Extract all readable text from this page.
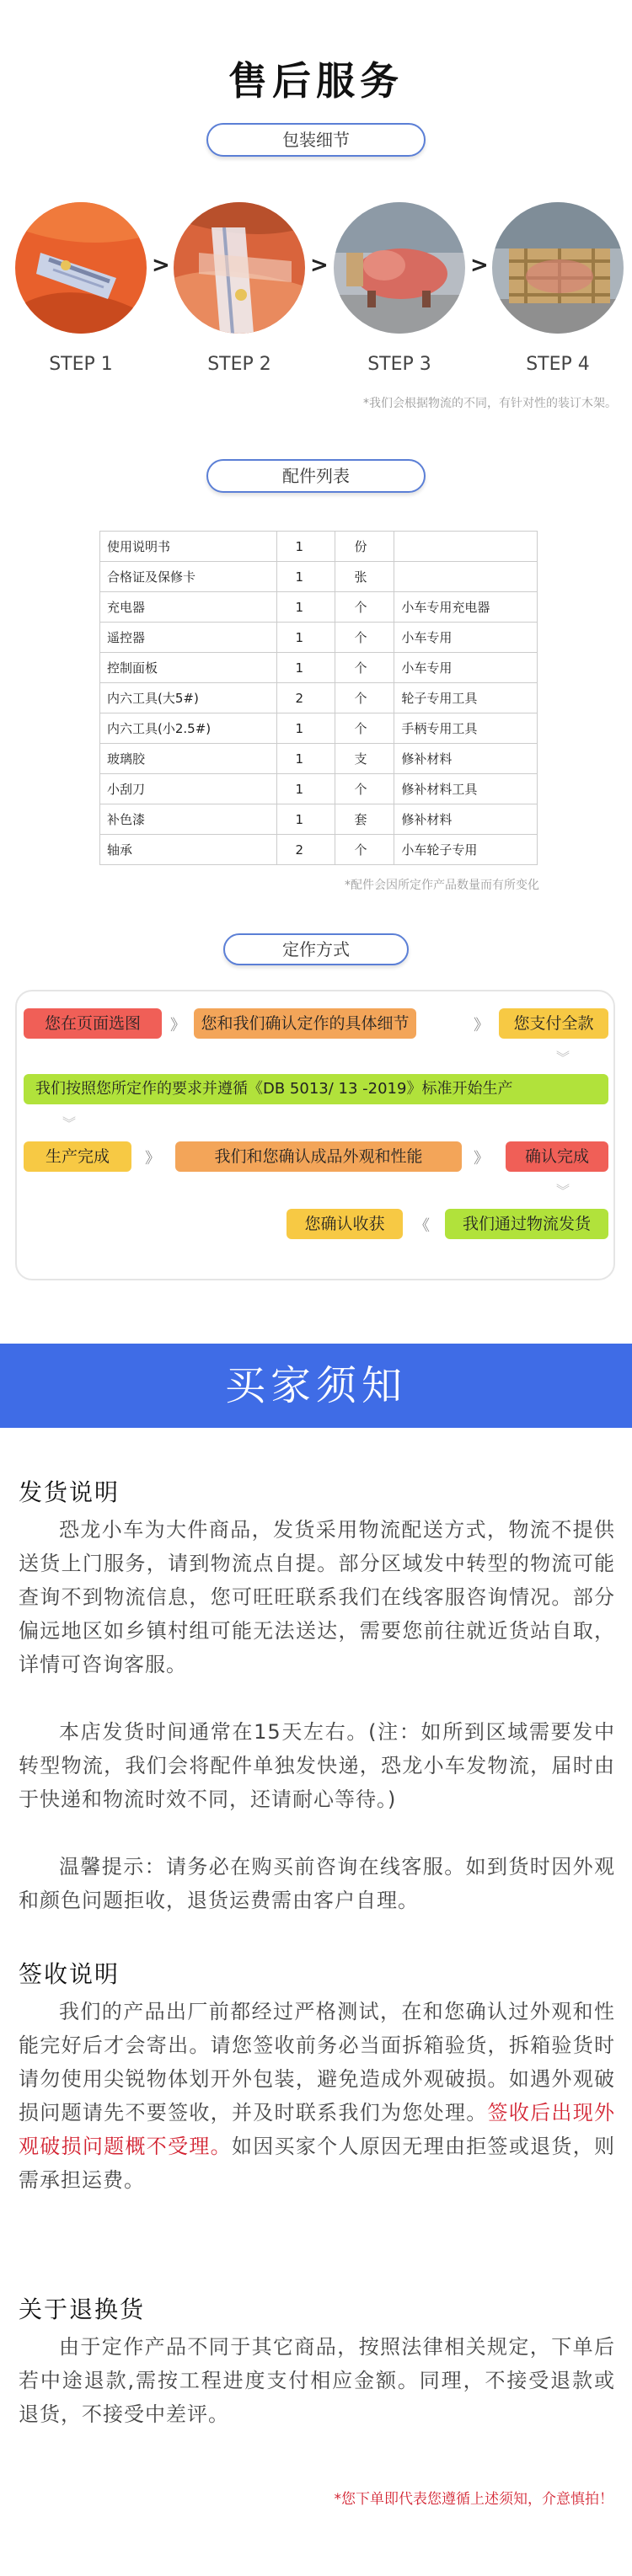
售后服务
包装细节
>	>	>
STEP 1	STEP 2	STEP 3	STEP 4
*我们会根据物流的不同，有针对性的装订木架。
配件列表
使用说明书	1	份	
合格证及保修卡	1	张	
充电器	1	个	小车专用充电器
遥控器	1	个	小车专用
控制面板	1	个	小车专用
内六工具(大5#)	2	个	轮子专用工具
内六工具(小2.5#)	1	个	手柄专用工具
玻璃胶	1	支	修补材料
小刮刀	1	个	修补材料工具
补色漆	1	套	修补材料
轴承	2	个	小车轮子专用
*配件会因所定作产品数量而有所变化
定作方式
您在页面选图	》 您和我们确认定作的具体细节	》	您支付全款
︾
我们按照您所定作的要求并遵循《DB 5013/ 13 -2019》标准开始生产
︾
生产完成	》	我们和您确认成品外观和性能	》	确认完成
︾
您确认收获	《	我们通过物流发货
买家须知
发货说明
恐龙小车为大件商品，发货采用物流配送方式，物流不提供送货上门服务，请到物流点自提。部分区域发中转型的物流可能查询不到物流信息，您可旺旺联系我们在线客服咨询情况。部分偏远地区如乡镇村组可能无法送达，需要您前往就近货站自取，详情可咨询客服。
本店发货时间通常在15天左右。(注：如所到区域需要发中转型物流，我们会将配件单独发快递，恐龙小车发物流，届时由于快递和物流时效不同，还请耐心等待。)
温馨提示：请务必在购买前咨询在线客服。如到货时因外观和颜色问题拒收，退货运费需由客户自理。
签收说明
我们的产品出厂前都经过严格测试，在和您确认过外观和性能完好后才会寄出。请您签收前务必当面拆箱验货，拆箱验货时请勿使用尖锐物体划开外包装，避免造成外观破损。如遇外观破损问题请先不要签收，并及时联系我们为您处理。签收后出现外观破损问题概不受理。如因买家个人原因无理由拒签或退货，则需承担运费。
关于退换货
由于定作产品不同于其它商品，按照法律相关规定，下单后若中途退款,需按工程进度支付相应金额。同理，不接受退款或退货，不接受中差评。
*您下单即代表您遵循上述须知，介意慎拍！
